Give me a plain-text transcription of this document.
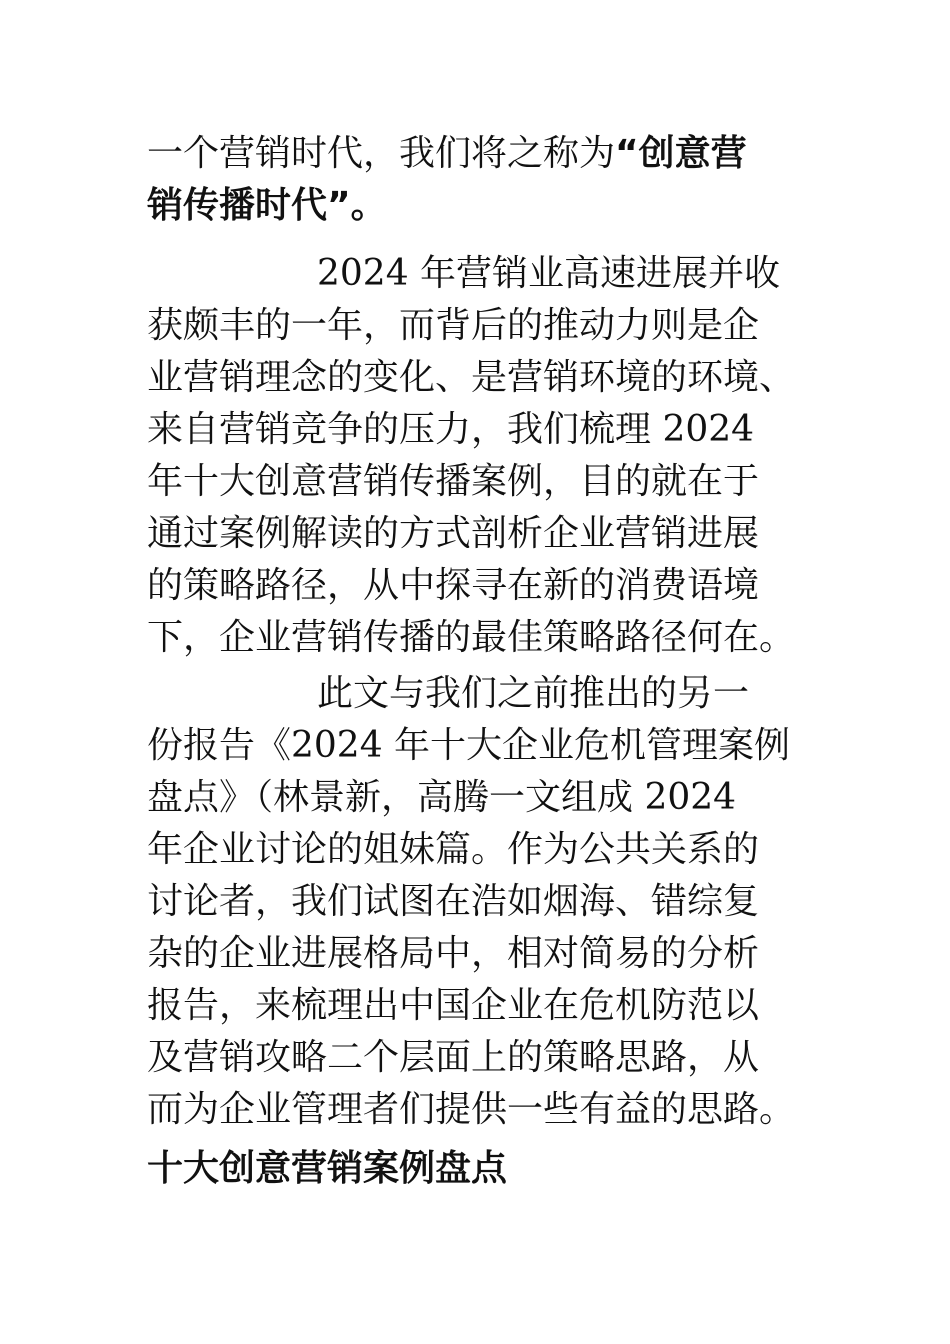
一个营销时代，我们将之称为“创意营
销传播时代”。
2024 年营销业高速进展并收
获颇丰的一年，而背后的推动力则是企
业营销理念的变化、是营销环境的环境、
来自营销竞争的压力，我们梳理 2024
年十大创意营销传播案例，目的就在于
通过案例解读的方式剖析企业营销进展
的策略路径，从中探寻在新的消费语境
下，企业营销传播的最佳策略路径何在。
此文与我们之前推出的另一
份报告《2024 年十大企业危机管理案例
盘点》（林景新，高腾一文组成 2024
年企业讨论的姐妹篇。作为公共关系的
讨论者，我们试图在浩如烟海、错综复
杂的企业进展格局中，相对简易的分析
报告，来梳理出中国企业在危机防范以
及营销攻略二个层面上的策略思路，从
而为企业管理者们提供一些有益的思路。
十大创意营销案例盘点
